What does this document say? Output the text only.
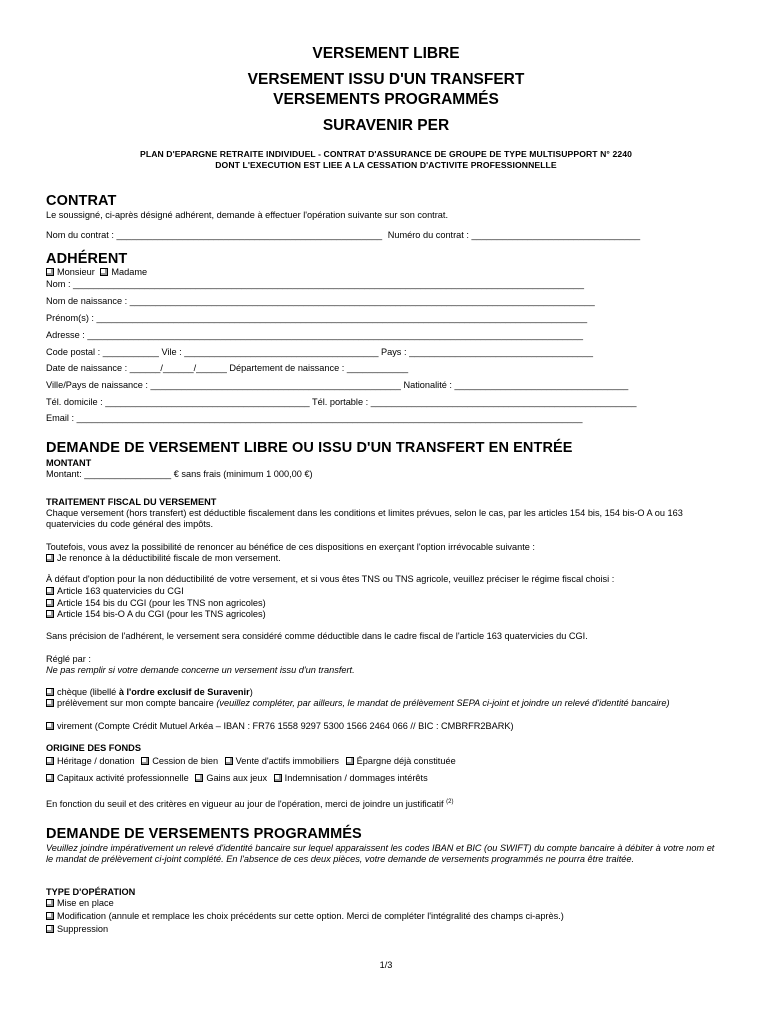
VERSEMENT LIBRE
VERSEMENT ISSU D'UN TRANSFERT
VERSEMENTS PROGRAMMÉS
SURAVENIR PER
PLAN D'EPARGNE RETRAITE INDIVIDUEL - CONTRAT D'ASSURANCE DE GROUPE DE TYPE MULTISUPPORT N° 2240
DONT L'EXECUTION EST LIEE A LA CESSATION D'ACTIVITE PROFESSIONNELLE
CONTRAT
Le soussigné, ci-après désigné adhérent, demande à effectuer l'opération suivante sur son contrat.
Nom du contrat : ____________________________________________________ Numéro du contrat : _________________________________
ADHÉRENT
Monsieur Madame
Nom : ____________________________________________________________________________________________________
Nom de naissance : ___________________________________________________________________________________________
Prénom(s) : ________________________________________________________________________________________________
Adresse : _________________________________________________________________________________________________
Code postal : ___________ Vile : ______________________________________ Pays : ____________________________________
Date de naissance : ______/______/______ Département de naissance : ____________
Ville/Pays de naissance : _________________________________________________ Nationalité : __________________________________
Tél. domicile : ________________________________________ Tél. portable : ____________________________________________________
Email : ___________________________________________________________________________________________________
DEMANDE DE VERSEMENT LIBRE OU ISSU D'UN TRANSFERT EN ENTRÉE
MONTANT
Montant: _________________ € sans frais (minimum 1 000,00 €)
TRAITEMENT FISCAL DU VERSEMENT
Chaque versement (hors transfert) est déductible fiscalement dans les conditions et limites prévues, selon le cas, par les articles 154 bis, 154 bis-O A ou 163 quatervicies du code général des impôts.
Toutefois, vous avez la possibilité de renoncer au bénéfice de ces dispositions en exerçant l'option irrévocable suivante :
Je renonce à la déductibilité fiscale de mon versement.
À défaut d'option pour la non déductibilité de votre versement, et si vous êtes TNS ou TNS agricole, veuillez préciser le régime fiscal choisi :
Article 163 quatervicies du CGI
Article 154 bis du CGI (pour les TNS non agricoles)
Article 154 bis-O A du CGI (pour les TNS agricoles)
Sans précision de l'adhérent, le versement sera considéré comme déductible dans le cadre fiscal de l'article 163 quatervicies du CGI.
Réglé par :
Ne pas remplir si votre demande concerne un versement issu d'un transfert.
chèque (libellé à l'ordre exclusif de Suravenir)
prélèvement sur mon compte bancaire (veuillez compléter, par ailleurs, le mandat de prélèvement SEPA ci-joint et joindre un relevé d'identité bancaire)
virement (Compte Crédit Mutuel Arkéa – IBAN : FR76 1558 9297 5300 1566 2464 066 // BIC : CMBRFR2BARK)
ORIGINE DES FONDS
Héritage / donation Cession de bien Vente d'actifs immobiliers Épargne déjà constituée
Capitaux activité professionnelle Gains aux jeux Indemnisation / dommages intérêts
En fonction du seuil et des critères en vigueur au jour de l'opération, merci de joindre un justificatif $^{(2)}$
DEMANDE DE VERSEMENTS PROGRAMMÉS
Veuillez joindre impérativement un relevé d'identité bancaire sur lequel apparaissent les codes IBAN et BIC (ou SWIFT) du compte bancaire à débiter à votre nom et le mandat de prélèvement ci-joint complété. En l'absence de ces deux pièces, votre demande de versements programmés ne pourra être traitée.
TYPE D'OPÉRATION
Mise en place
Modification (annule et remplace les choix précédents sur cette option. Merci de compléter l'intégralité des champs ci-après.)
Suppression
1/3
